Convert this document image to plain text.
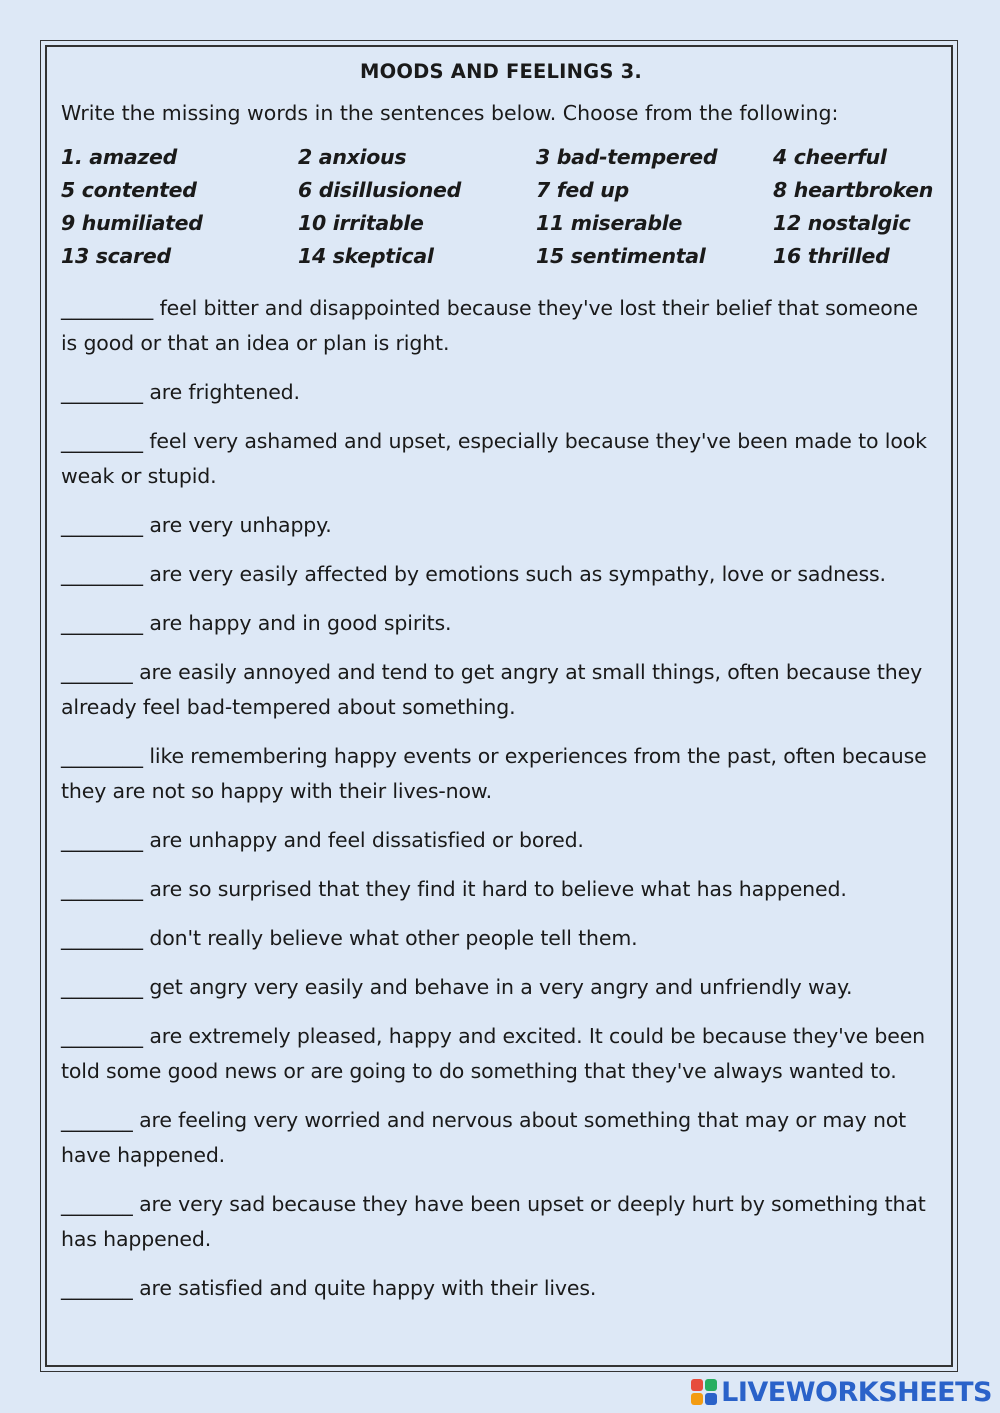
MOODS AND FEELINGS 3.
Write the missing words in the sentences below. Choose from the following:
1. amazed	2 anxious	3 bad-tempered	4 cheerful
5 contented	6 disillusioned	7 fed up	8 heartbroken
9 humiliated	10 irritable	11 miserable	12 nostalgic
13 scared	14 skeptical	15 sentimental	16 thrilled

_________ feel bitter and disappointed because they've lost their belief that someone is good or that an idea or plan is right.

________ are frightened.

________ feel very ashamed and upset, especially because they've been made to look weak or stupid.

________ are very unhappy.

________ are very easily affected by emotions such as sympathy, love or sadness.

________ are happy and in good spirits.

_______ are easily annoyed and tend to get angry at small things, often because they already feel bad-tempered about something.

________ like remembering happy events or experiences from the past, often because they are not so happy with their lives-now.

________ are unhappy and feel dissatisfied or bored.

________ are so surprised that they find it hard to believe what has happened.

________ don't really believe what other people tell them.

________ get angry very easily and behave in a very angry and unfriendly way.

________ are extremely pleased, happy and excited. It could be because they've been told some good news or are going to do something that they've always wanted to.

_______ are feeling very worried and nervous about something that may or may not have happened.

_______ are very sad because they have been upset or deeply hurt by something that has happened.

_______ are satisfied and quite happy with their lives.

LIVEWORKSHEETS
